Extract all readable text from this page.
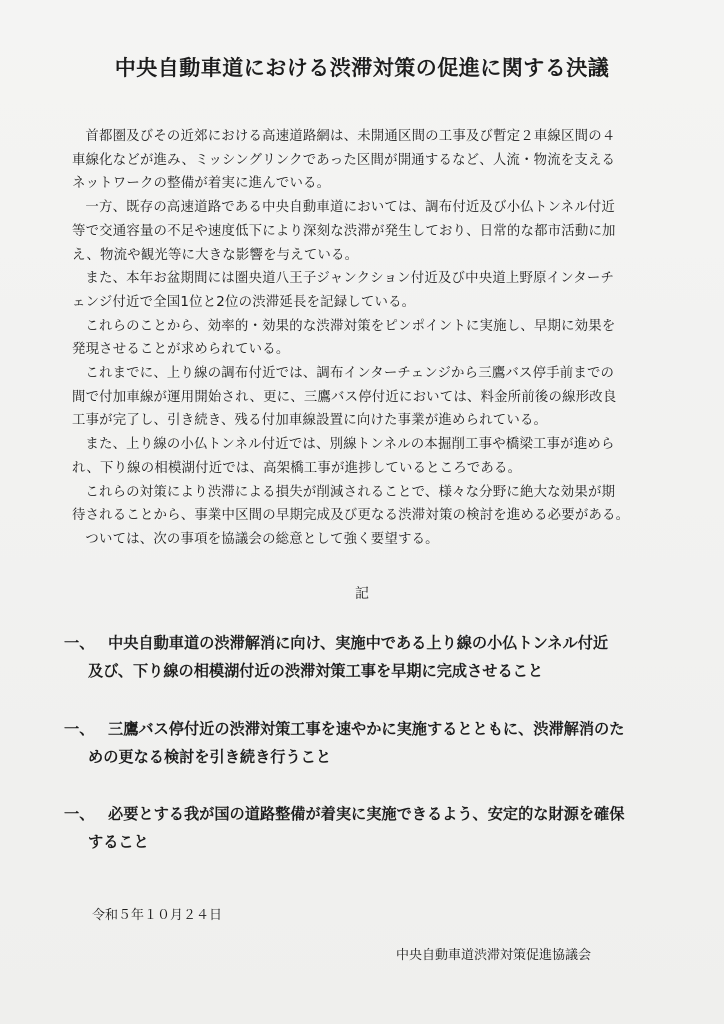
中央自動車道における渋滞対策の促進に関する決議

首都圏及びその近郊における高速道路網は、未開通区間の工事及び暫定２車線区間の４
車線化などが進み、ミッシングリンクであった区間が開通するなど、人流・物流を支える
ネットワークの整備が着実に進んでいる。

一方、既存の高速道路である中央自動車道においては、調布付近及び小仏トンネル付近
等で交通容量の不足や速度低下により深刻な渋滞が発生しており、日常的な都市活動に加
え、物流や観光等に大きな影響を与えている。

また、本年お盆期間には圏央道八王子ジャンクション付近及び中央道上野原インターチ
ェンジ付近で全国1位と2位の渋滞延長を記録している。

これらのことから、効率的・効果的な渋滞対策をピンポイントに実施し、早期に効果を
発現させることが求められている。

これまでに、上り線の調布付近では、調布インターチェンジから三鷹バス停手前までの
間で付加車線が運用開始され、更に、三鷹バス停付近においては、料金所前後の線形改良
工事が完了し、引き続き、残る付加車線設置に向けた事業が進められている。

また、上り線の小仏トンネル付近では、別線トンネルの本掘削工事や橋梁工事が進めら
れ、下り線の相模湖付近では、高架橋工事が進捗しているところである。

これらの対策により渋滞による損失が削減されることで、様々な分野に絶大な効果が期
待されることから、事業中区間の早期完成及び更なる渋滞対策の検討を進める必要がある。

ついては、次の事項を協議会の総意として強く要望する。

記
一、 中央自動車道の渋滞解消に向け、実施中である上り線の小仏トンネル付近
及び、下り線の相模湖付近の渋滞対策工事を早期に完成させること
一、 三鷹バス停付近の渋滞対策工事を速やかに実施するとともに、渋滞解消のた
めの更なる検討を引き続き行うこと
一、 必要とする我が国の道路整備が着実に実施できるよう、安定的な財源を確保
すること
令和５年１０月２４日
中央自動車道渋滞対策促進協議会
